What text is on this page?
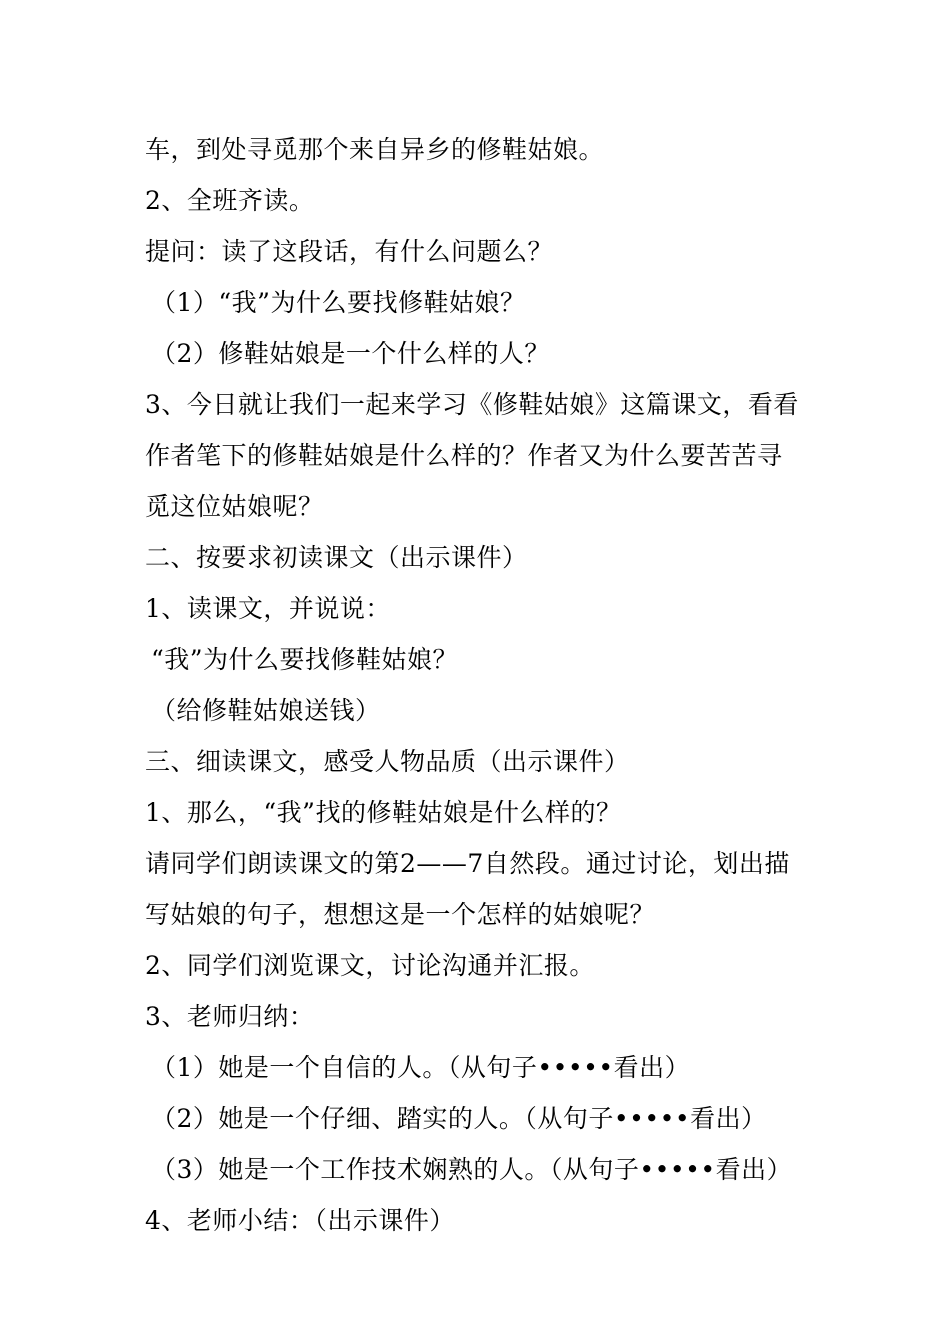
车，到处寻觅那个来自异乡的修鞋姑娘。
2、全班齐读。
提问：读了这段话，有什么问题么？
（1）“我”为什么要找修鞋姑娘？
（2）修鞋姑娘是一个什么样的人？
3、今日就让我们一起来学习《修鞋姑娘》这篇课文，看看
作者笔下的修鞋姑娘是什么样的？作者又为什么要苦苦寻
觅这位姑娘呢？
二、按要求初读课文（出示课件）
1、读课文，并说说：
“我”为什么要找修鞋姑娘？
（给修鞋姑娘送钱）
三、细读课文，感受人物品质（出示课件）
1、那么，“我”找的修鞋姑娘是什么样的？
请同学们朗读课文的第2——7自然段。通过讨论，划出描
写姑娘的句子，想想这是一个怎样的姑娘呢？
2、同学们浏览课文，讨论沟通并汇报。
3、老师归纳：
（1）她是一个自信的人。（从句子•••••看出）
（2）她是一个仔细、踏实的人。（从句子•••••看出）
（3）她是一个工作技术娴熟的人。（从句子•••••看出）
4、老师小结：（出示课件）
